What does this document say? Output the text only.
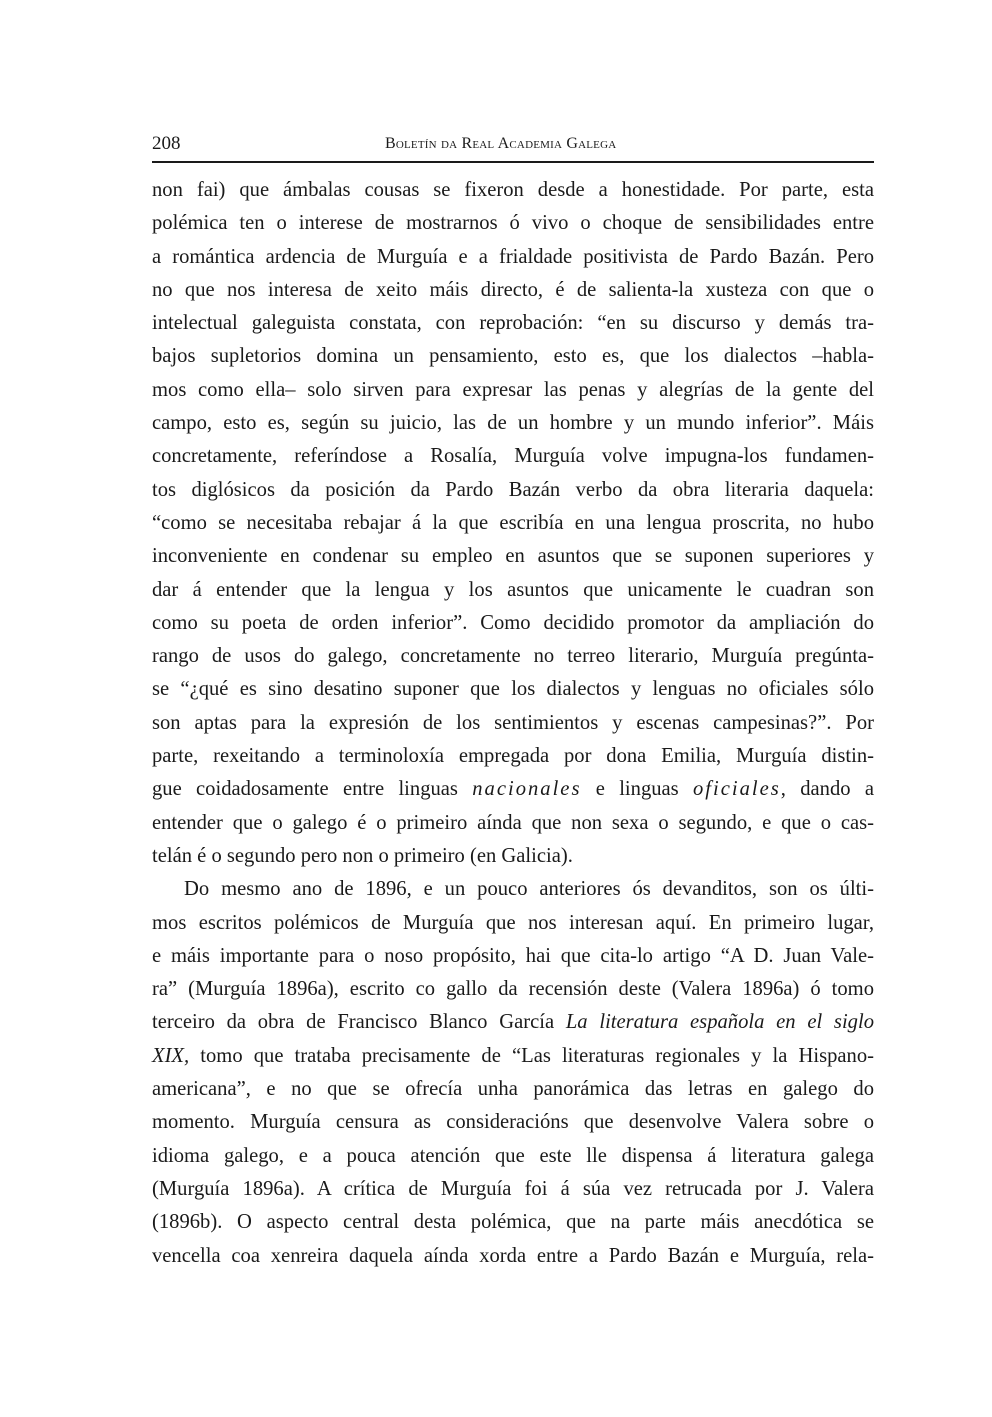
208	Boletín da Real Academia Galega
non fai) que ámbalas cousas se fixeron desde a honestidade. Por parte, esta
polémica ten o interese de mostrarnos ó vivo o choque de sensibilidades entre
a romántica ardencia de Murguía e a frialdade positivista de Pardo Bazán. Pero
no que nos interesa de xeito máis directo, é de salienta-la xusteza con que o
intelectual galeguista constata, con reprobación: “en su discurso y demás tra-
bajos supletorios domina un pensamiento, esto es, que los dialectos –habla-
mos como ella– solo sirven para expresar las penas y alegrías de la gente del
campo, esto es, según su juicio, las de un hombre y un mundo inferior”. Máis
concretamente, referíndose a Rosalía, Murguía volve impugna-los fundamen-
tos diglósicos da posición da Pardo Bazán verbo da obra literaria daquela:
“como se necesitaba rebajar á la que escribía en una lengua proscrita, no hubo
inconveniente en condenar su empleo en asuntos que se suponen superiores y
dar á entender que la lengua y los asuntos que unicamente le cuadran son
como su poeta de orden inferior”. Como decidido promotor da ampliación do
rango de usos do galego, concretamente no terreo literario, Murguía pregúnta-
se “¿qué es sino desatino suponer que los dialectos y lenguas no oficiales sólo
son aptas para la expresión de los sentimientos y escenas campesinas?”. Por
parte, rexeitando a terminoloxía empregada por dona Emilia, Murguía distin-
gue coidadosamente entre linguas nacionales e linguas oficiales, dando a
entender que o galego é o primeiro aínda que non sexa o segundo, e que o cas-
telán é o segundo pero non o primeiro (en Galicia).
Do mesmo ano de 1896, e un pouco anteriores ós devanditos, son os últi-
mos escritos polémicos de Murguía que nos interesan aquí. En primeiro lugar,
e máis importante para o noso propósito, hai que cita-lo artigo “A D. Juan Vale-
ra” (Murguía 1896a), escrito co gallo da recensión deste (Valera 1896a) ó tomo
terceiro da obra de Francisco Blanco García La literatura española en el siglo
XIX, tomo que trataba precisamente de “Las literaturas regionales y la Hispano-
americana”, e no que se ofrecía unha panorámica das letras en galego do
momento. Murguía censura as consideracións que desenvolve Valera sobre o
idioma galego, e a pouca atención que este lle dispensa á literatura galega
(Murguía 1896a). A crítica de Murguía foi á súa vez retrucada por J. Valera
(1896b). O aspecto central desta polémica, que na parte máis anecdótica se
vencella coa xenreira daquela aínda xorda entre a Pardo Bazán e Murguía, rela-
